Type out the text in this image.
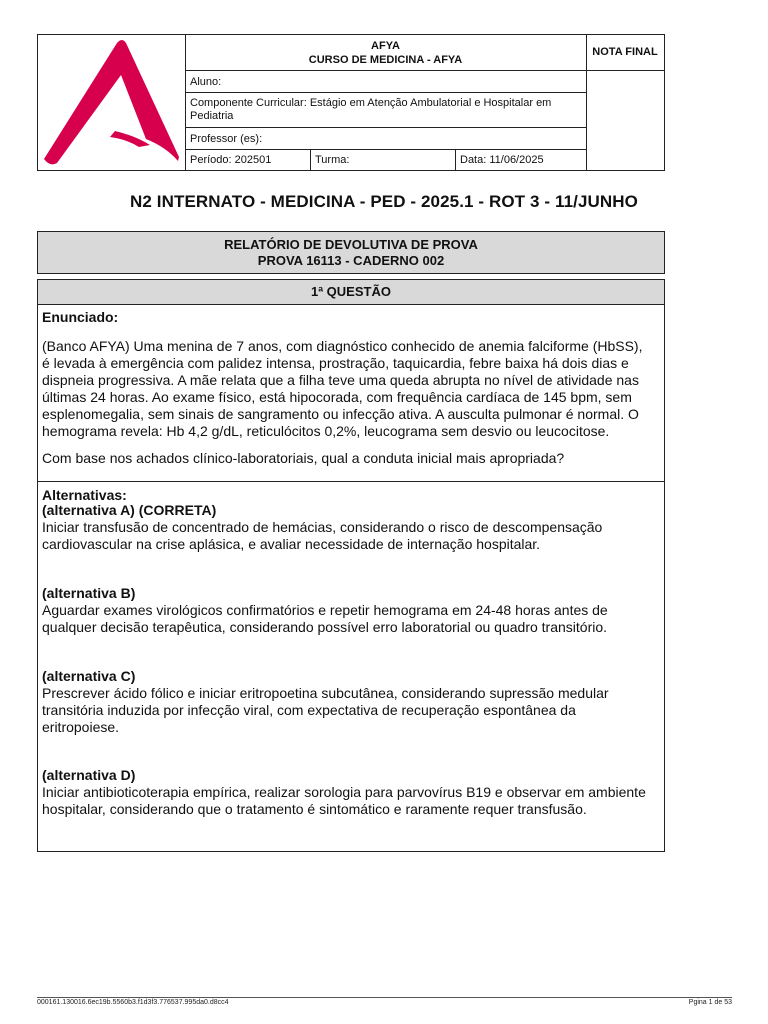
AFYA
CURSO DE MEDICINA - AFYA
NOTA FINAL
Aluno:
Componente Curricular: Estágio em Atenção Ambulatorial e Hospitalar em
Pediatria
Professor (es):
Período: 202501	Turma:	Data: 11/06/2025
N2 INTERNATO - MEDICINA - PED - 2025.1 - ROT 3 - 11/JUNHO
RELATÓRIO DE DEVOLUTIVA DE PROVA
PROVA 16113 - CADERNO 002
1ª QUESTÃO
Enunciado:
(Banco AFYA) Uma menina de 7 anos, com diagnóstico conhecido de anemia falciforme (HbSS),
é levada à emergência com palidez intensa, prostração, taquicardia, febre baixa há dois dias e
dispneia progressiva. A mãe relata que a filha teve uma queda abrupta no nível de atividade nas
últimas 24 horas. Ao exame físico, está hipocorada, com frequência cardíaca de 145 bpm, sem
esplenomegalia, sem sinais de sangramento ou infecção ativa. A ausculta pulmonar é normal. O
hemograma revela: Hb 4,2 g/dL, reticulócitos 0,2%, leucograma sem desvio ou leucocitose.
Com base nos achados clínico-laboratoriais, qual a conduta inicial mais apropriada?
Alternativas:
(alternativa A) (CORRETA)
Iniciar transfusão de concentrado de hemácias, considerando o risco de descompensação
cardiovascular na crise aplásica, e avaliar necessidade de internação hospitalar.
(alternativa B)
Aguardar exames virológicos confirmatórios e repetir hemograma em 24-48 horas antes de
qualquer decisão terapêutica, considerando possível erro laboratorial ou quadro transitório.
(alternativa C)
Prescrever ácido fólico e iniciar eritropoetina subcutânea, considerando supressão medular
transitória induzida por infecção viral, com expectativa de recuperação espontânea da
eritropoiese.
(alternativa D)
Iniciar antibioticoterapia empírica, realizar sorologia para parvovírus B19 e observar em ambiente
hospitalar, considerando que o tratamento é sintomático e raramente requer transfusão.
000161.130016.6ec19b.5560b3.f1d3f3.776537.995da0.d8cc4	Pgina 1 de 53
